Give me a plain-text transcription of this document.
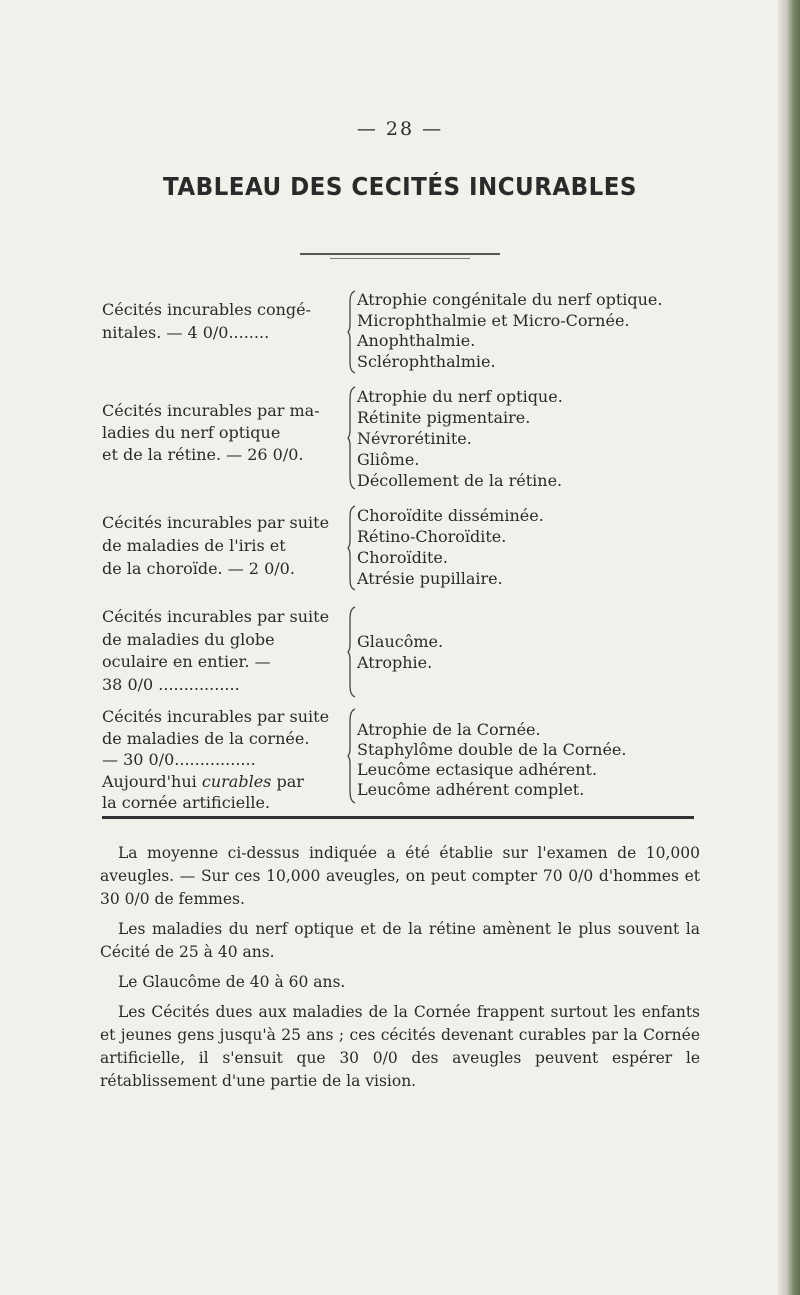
— 28 —
TABLEAU DES CECITÉS INCURABLES
Cécités incurables congé-
nitales. — 4 0/0........
Atrophie congénitale du nerf optique.
Microphthalmie et Micro-Cornée.
Anophthalmie.
Sclérophthalmie.
Cécités incurables par ma-
ladies du nerf optique
et de la rétine. — 26 0/0.
Atrophie du nerf optique.
Rétinite pigmentaire.
Névrorétinite.
Gliôme.
Décollement de la rétine.
Cécités incurables par suite
de maladies de l'iris et
de la choroïde. — 2 0/0.
Choroïdite disséminée.
Rétino-Choroïdite.
Choroïdite.
Atrésie pupillaire.
Cécités incurables par suite
de maladies du globe
oculaire en entier. —
38 0/0 ................
Glaucôme.
Atrophie.
Cécités incurables par suite
de maladies de la cornée.
— 30 0/0................
Aujourd'hui curables par
la cornée artificielle.
Atrophie de la Cornée.
Staphylôme double de la Cornée.
Leucôme ectasique adhérent.
Leucôme adhérent complet.

La moyenne ci-dessus indiquée a été établie sur l'examen de 10,000 aveugles. — Sur ces 10,000 aveugles, on peut compter 70 0/0 d'hommes et 30 0/0 de femmes.

Les maladies du nerf optique et de la rétine amènent le plus souvent la Cécité de 25 à 40 ans.

Le Glaucôme de 40 à 60 ans.

Les Cécités dues aux maladies de la Cornée frappent surtout les enfants et jeunes gens jusqu'à 25 ans ; ces cécités devenant curables par la Cornée artificielle, il s'ensuit que 30 0/0 des aveugles peuvent espérer le rétablissement d'une partie de la vision.
